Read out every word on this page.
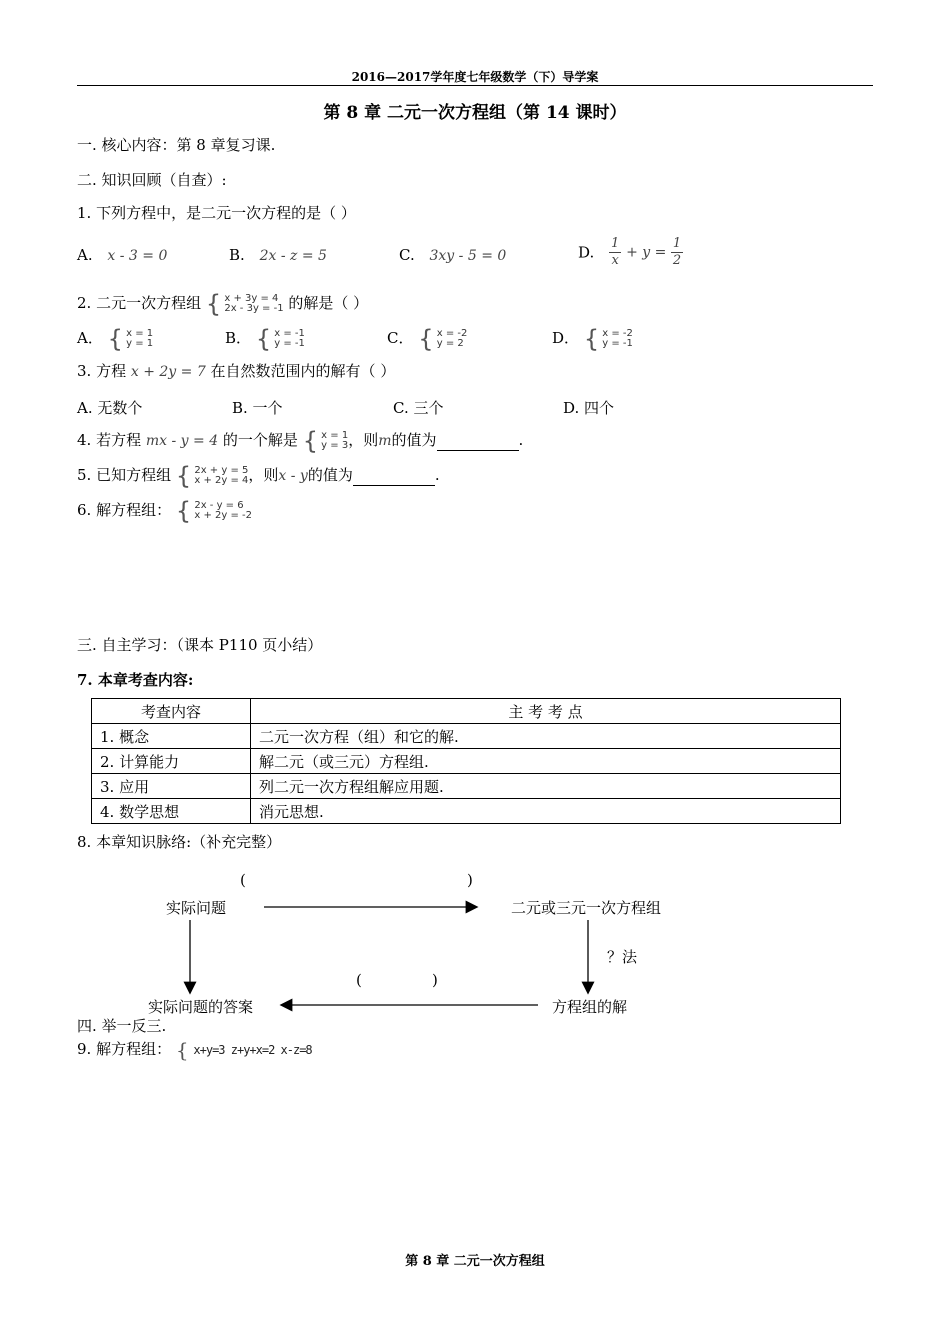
2016—2017学年度七年级数学（下）导学案
第 8 章 二元一次方程组（第 14 课时）
一. 核心内容：第 8 章复习课.
二. 知识回顾（自查）:
1. 下列方程中，是二元一次方程的是（ ）
A. x - 3 = 0	B. 2x - z = 5	C. 3xy - 5 = 0	D. $\frac{1}{x} + y = \frac{1}{2}$
2. 二元一次方程组 { x + 3y = 4
2x - 3y = -1 的解是（ ）
A． { x = 1
y = 1	B． { x = -1
y = -1	C． { x = -2
y = 2	D． { x = -2
y = -1
3. 方程 x + 2y = 7 在自然数范围内的解有（ ）
A. 无数个	B. 一个	C. 三个	D. 四个
4. 若方程 mx - y = 4 的一个解是 { x = 1
y = 3 ，则m的值为	.
5. 已知方程组 { 2x + y = 5
x + 2y = 4 ，则x - y的值为	.
6. 解方程组： { 2x - y = 6
x + 2y = -2
三. 自主学习：（课本 P110 页小结）
7. 本章考查内容:
考查内容	主 考 考 点
1. 概念	二元一次方程（组）和它的解.
2. 计算能力	解二元（或三元）方程组.
3. 应用	列二元一次方程组解应用题.
4. 数学思想	消元思想.
8. 本章知识脉络:（补充完整）
(	)
实际问题	二元或三元一次方程组
？法
(	)
实际问题的答案	方程组的解
四. 举一反三.
9. 解方程组： { x+y=3 z+y+x=2 x-z=8
第 8 章 二元一次方程组
